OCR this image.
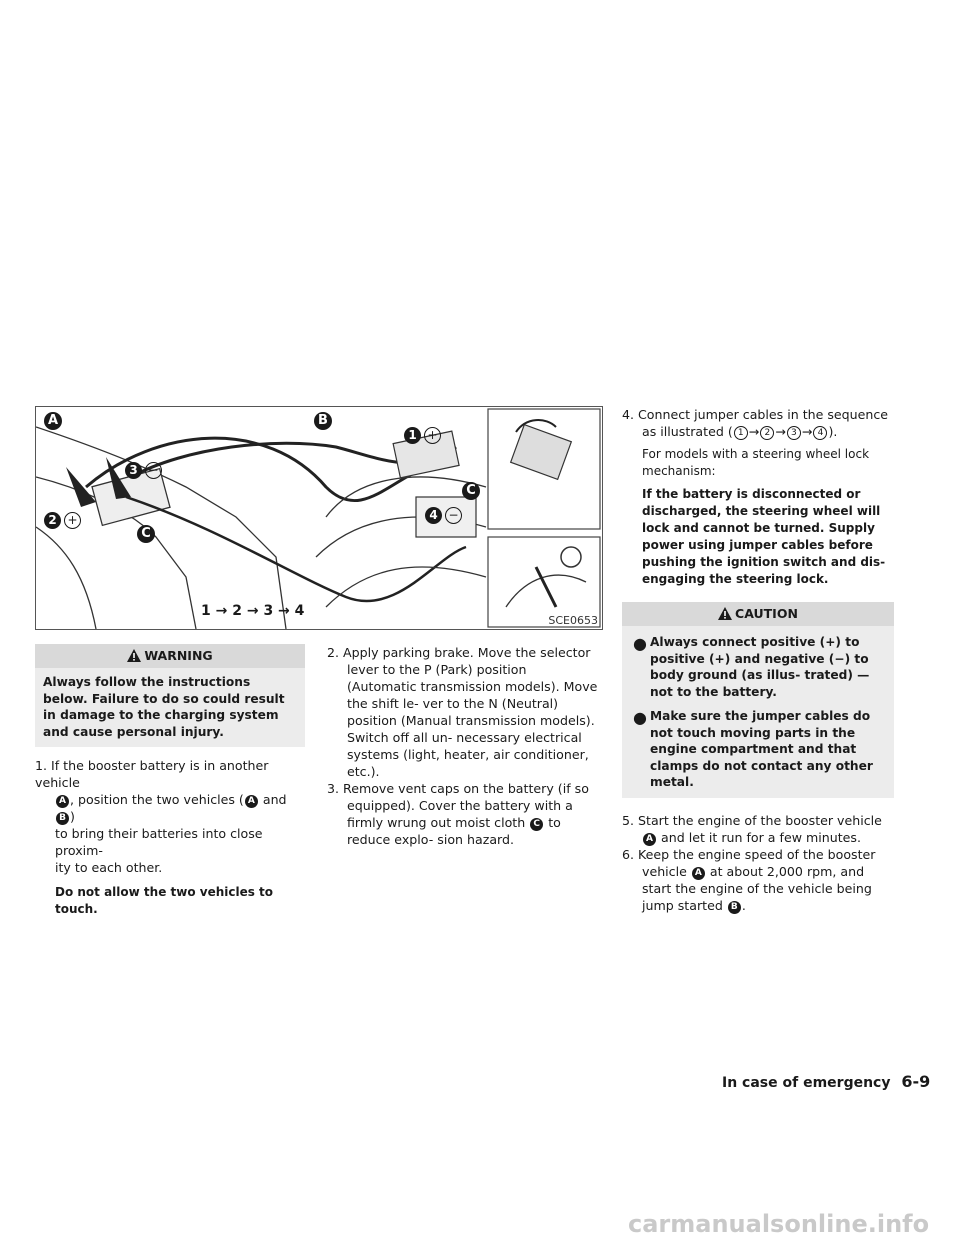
A	B
C
C
1 +
2 +
3 −
4 −
1 → 2 → 3 → 4
SCE0653
WARNING

Always follow the instructions below. Failure to do so could result in damage to the charging system and cause personal injury.

1. If the booster battery is in another vehicle

A , position the two vehicles ( A and B )

to bring their batteries into close proxim-

ity to each other.

Do not allow the two vehicles to touch.

2. Apply parking brake. Move the selector lever to the P (Park) position (Automatic transmission models). Move the shift le- ver to the N (Neutral) position (Manual transmission models). Switch off all un- necessary electrical systems (light, heater, air conditioner, etc.).

3. Remove vent caps on the battery (if so equipped). Cover the battery with a firmly wrung out moist cloth C to reduce explo- sion hazard.

4. Connect jumper cables in the sequence as illustrated ( 1 → 2 → 3 → 4 ).

For models with a steering wheel lock mechanism:

If the battery is disconnected or discharged, the steering wheel will lock and cannot be turned. Supply power using jumper cables before pushing the ignition switch and dis- engaging the steering lock.

CAUTION
● Always connect positive (+) to positive (+) and negative (−) to body ground (as illus- trated) — not to the battery.

● Make sure the jumper cables do not touch moving parts in the engine compartment and that clamps do not contact any other metal.

5. Start the engine of the booster vehicle A and let it run for a few minutes.

6. Keep the engine speed of the booster vehicle A at about 2,000 rpm, and start the engine of the vehicle being jump started B .

In case of emergency 6-9
carmanualsonline.info
